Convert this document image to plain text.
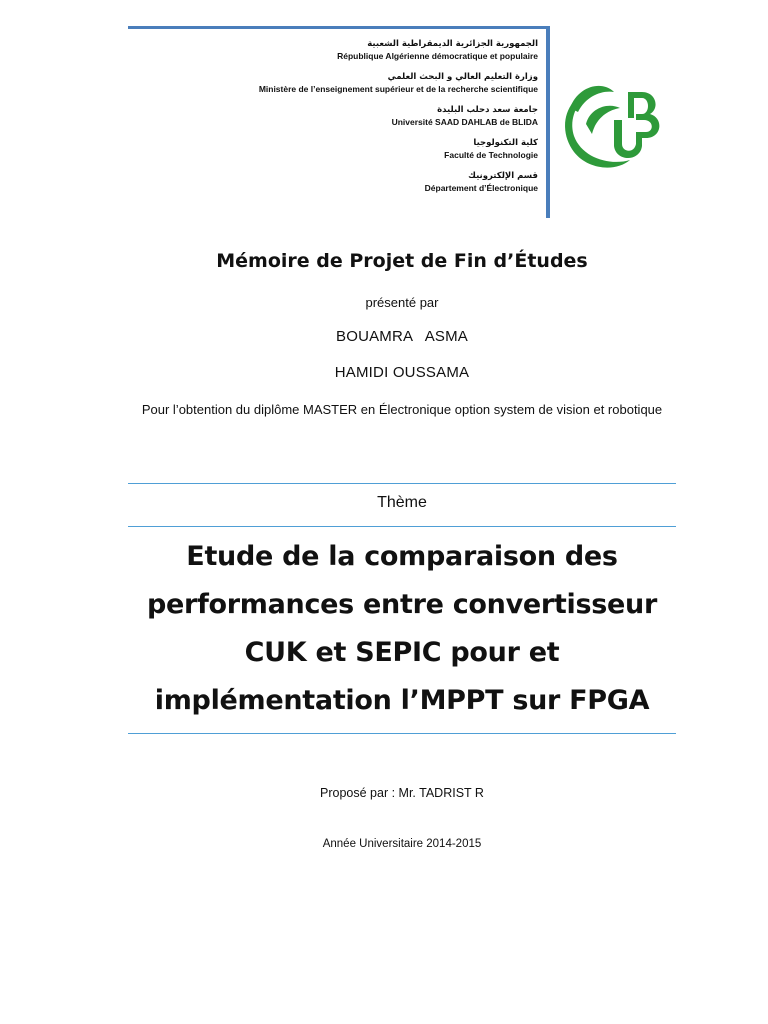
الجمهورية الجزائرية الديمقراطية الشعبية
République Algérienne démocratique et populaire
وزارة التعليم العالي و البحث العلمي
Ministère de l’enseignement supérieur et de la recherche scientifique
جامعة سعد دحلب البليدة
Université SAAD DAHLAB de BLIDA
كلية التكنولوجيا
Faculté de Technologie
قسم الإلكترونيك
Département d’Électronique
Mémoire de Projet de Fin d’Études
présenté par
BOUAMRA   ASMA
HAMIDI OUSSAMA
Pour l’obtention du diplôme MASTER en Électronique option system de vision et robotique
Thème
Etude de la comparaison des performances entre convertisseur CUK et SEPIC pour et implémentation l’MPPT sur FPGA
Proposé par : Mr. TADRIST R
Année Universitaire 2014-2015
